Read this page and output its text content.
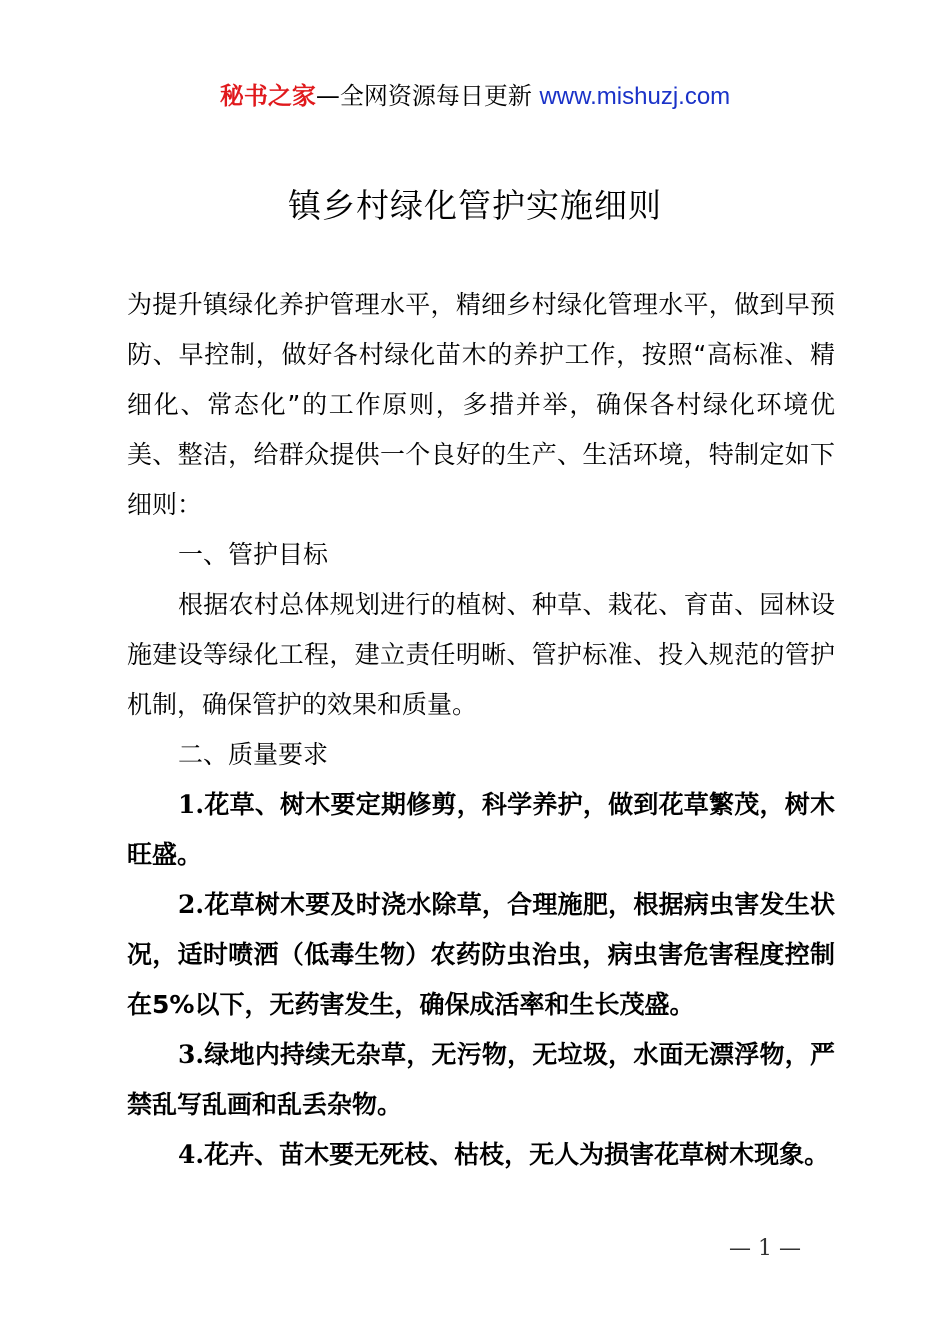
秘书之家—全网资源每日更新 www.mishuzj.com
镇乡村绿化管护实施细则

为提升镇绿化养护管理水平，精细乡村绿化管理水平，做到早预防、早控制，做好各村绿化苗木的养护工作，按照“高标准、精细化、常态化”的工作原则，多措并举，确保各村绿化环境优美、整洁，给群众提供一个良好的生产、生活环境，特制定如下细则：

一、管护目标

根据农村总体规划进行的植树、种草、栽花、育苗、园林设施建设等绿化工程，建立责任明晰、管护标准、投入规范的管护机制，确保管护的效果和质量。

二、质量要求

1.花草、树木要定期修剪，科学养护，做到花草繁茂，树木旺盛。

2.花草树木要及时浇水除草，合理施肥，根据病虫害发生状况，适时喷洒（低毒生物）农药防虫治虫，病虫害危害程度控制在5%以下，无药害发生，确保成活率和生长茂盛。

3.绿地内持续无杂草，无污物，无垃圾，水面无漂浮物，严禁乱写乱画和乱丢杂物。

4.花卉、苗木要无死枝、枯枝，无人为损害花草树木现象。

— 1 —
